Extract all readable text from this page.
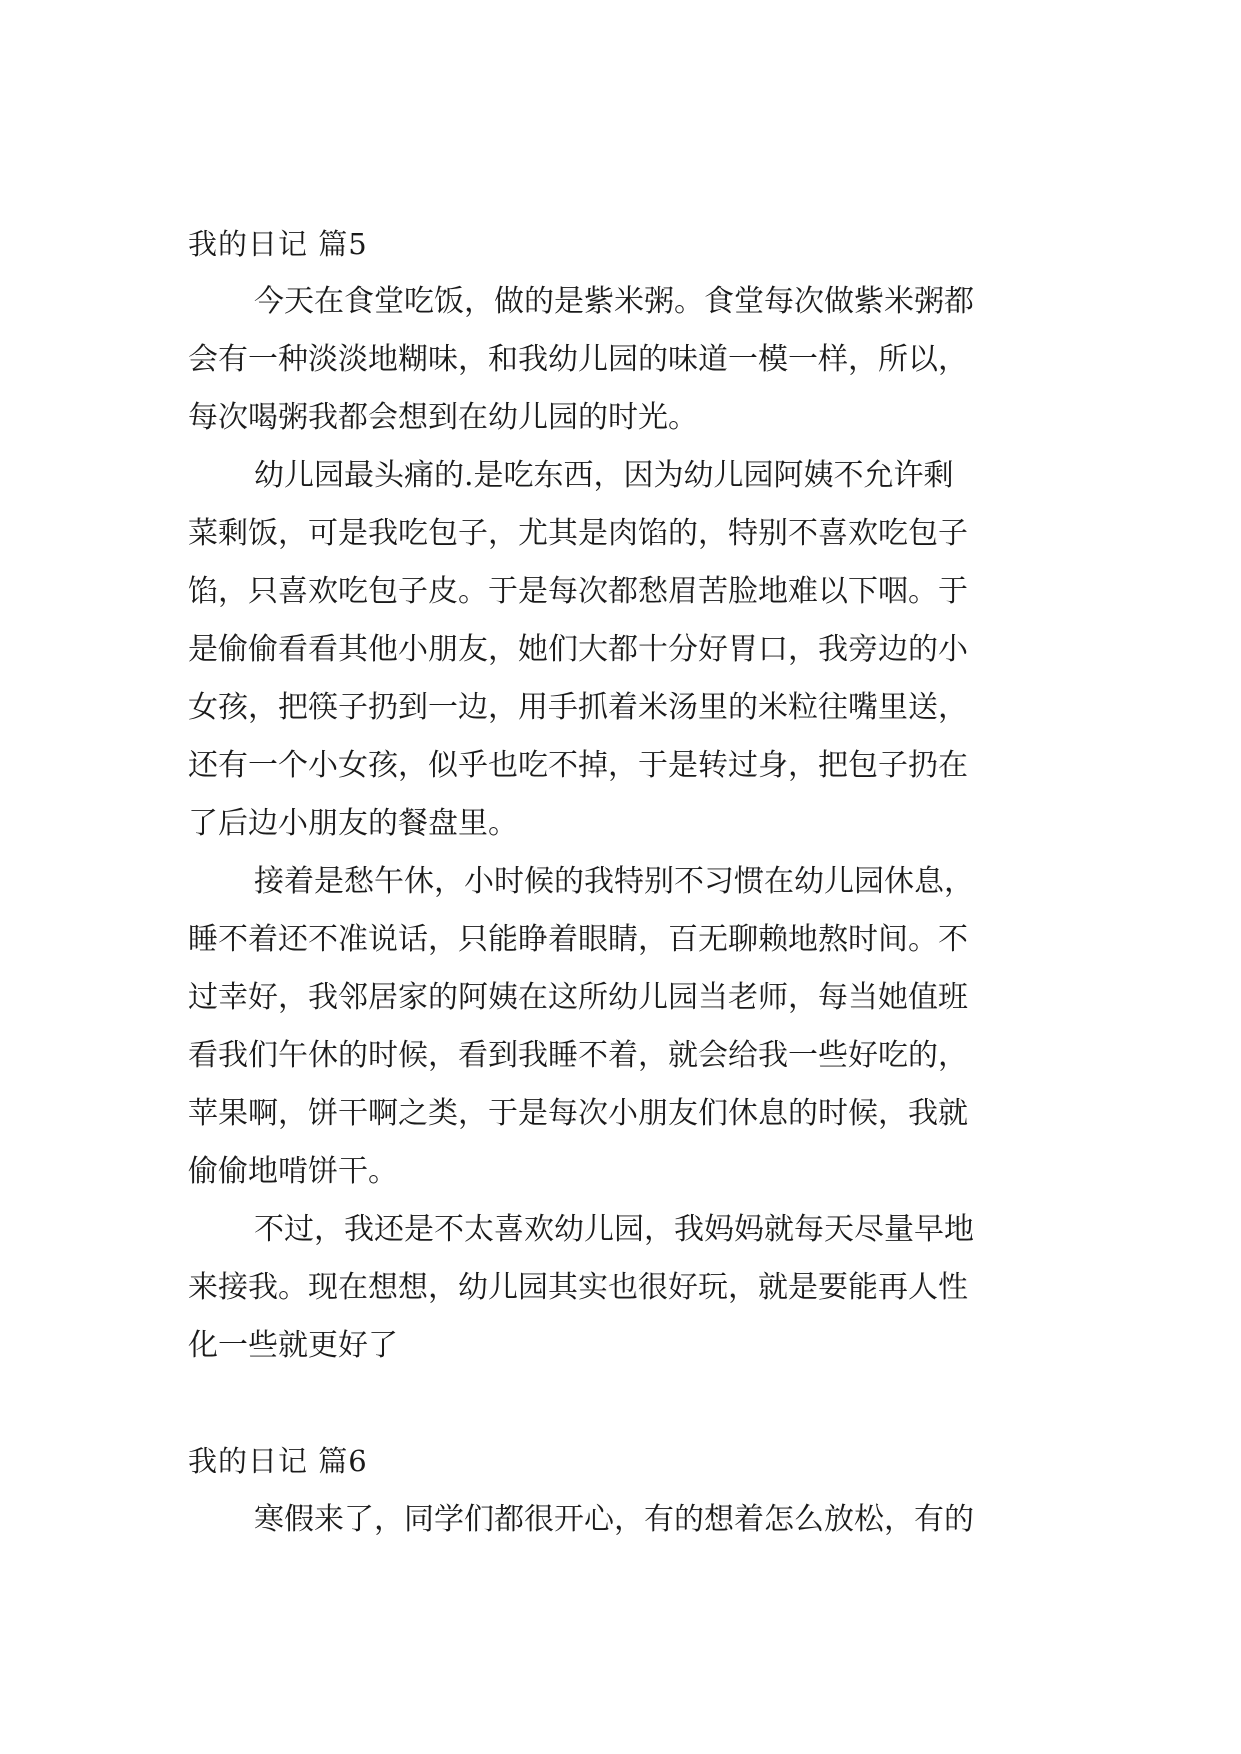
我的日记 篇5
今天在食堂吃饭，做的是紫米粥。食堂每次做紫米粥都
会有一种淡淡地糊味，和我幼儿园的味道一模一样，所以，
每次喝粥我都会想到在幼儿园的时光。
幼儿园最头痛的.是吃东西，因为幼儿园阿姨不允许剩
菜剩饭，可是我吃包子，尤其是肉馅的，特别不喜欢吃包子
馅，只喜欢吃包子皮。于是每次都愁眉苦脸地难以下咽。于
是偷偷看看其他小朋友，她们大都十分好胃口，我旁边的小
女孩，把筷子扔到一边，用手抓着米汤里的米粒往嘴里送，
还有一个小女孩，似乎也吃不掉，于是转过身，把包子扔在
了后边小朋友的餐盘里。
接着是愁午休，小时候的我特别不习惯在幼儿园休息，
睡不着还不准说话，只能睁着眼睛，百无聊赖地熬时间。不
过幸好，我邻居家的阿姨在这所幼儿园当老师，每当她值班
看我们午休的时候，看到我睡不着，就会给我一些好吃的，
苹果啊，饼干啊之类，于是每次小朋友们休息的时候，我就
偷偷地啃饼干。
不过，我还是不太喜欢幼儿园，我妈妈就每天尽量早地
来接我。现在想想，幼儿园其实也很好玩，就是要能再人性
化一些就更好了
我的日记 篇6
寒假来了，同学们都很开心，有的想着怎么放松，有的
